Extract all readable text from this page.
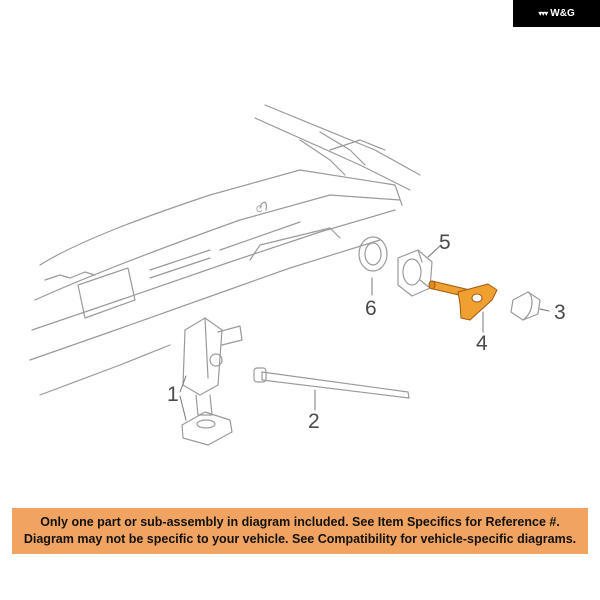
▾▾▾ W&G
C
1
2
3
4
5
6
Only one part or sub-assembly in diagram included. See Item Specifics for Reference #.
Diagram may not be specific to your vehicle. See Compatibility for vehicle-specific diagrams.
